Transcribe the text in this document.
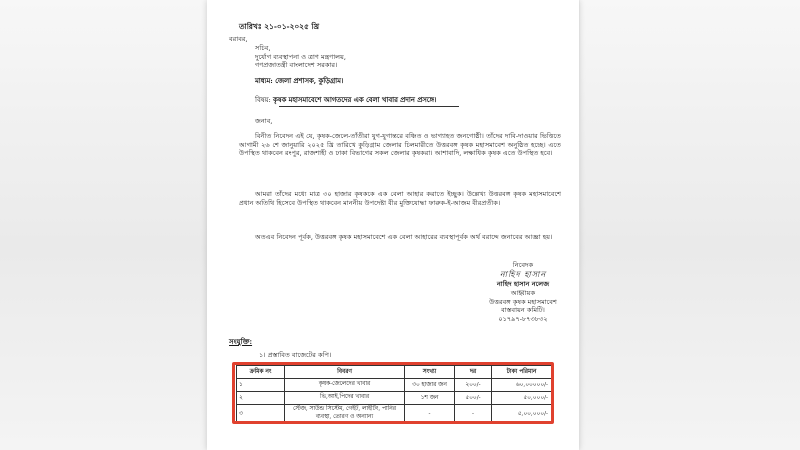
তারিখঃ ২১-০১-২০২৫ খ্রি
বরাবর,
সচিব,
দুর্যোগ ব্যবস্থাপনা ও ত্রাণ মন্ত্রণালয়,
গণপ্রজাতন্ত্রী বাংলাদেশ সরকার।
মাধ্যম: জেলা প্রশাসক, কুড়িগ্রাম।
বিষয়: কৃষক মহাসমাবেশে আগতদের এক বেলা খাবার প্রদান প্রসঙ্গে।
জনাব,
বিনীত নিবেদন এই যে, কৃষক-জেলে-তাঁতীরা যুগ-যুগান্তরে বঞ্চিত ও ভাগ্যাহত জনগোষ্ঠী। তাঁদের দাবি-দাওয়ার ভিত্তিতে আগামী ২৬ শে জানুয়ারি ২০২৫ খ্রি তারিখে কুড়িগ্রাম জেলার চিলমারীতে উত্তরবঙ্গ কৃষক মহাসমাবেশ অনুষ্ঠিত হচ্ছে। এতে উপস্থিত থাকবেন রংপুর, রাজশাহী ও ঢাকা বিভাগের সকল জেলার কৃষকরা। আশাবাদি, লক্ষাধিক কৃষক এতে উপস্থিত হবে।
আমরা তাঁদের মধ্যে মাত্র ৩০ হাজার কৃষককে এক বেলা আহার করাতে ইচ্ছুক। উল্লেখ্য উত্তরবঙ্গ কৃষক মহাসমাবেশে প্রধান অতিথি হিসেবে উপস্থিত থাকবেন মাননীয় উপদেষ্টা বীর মুক্তিযোদ্ধা ফারুক-ই-আজম বীরপ্রতীক।
অতএব নিবেদন পূর্বক, উত্তরবঙ্গ কৃষক মহাসমাবেশে এক বেলা আহারের ব্যবস্থাপূর্বক অর্থ বরাদ্দে জনাবের আজ্ঞা হয়।
নিবেদক
নাহিদ হাসান
নাহিদ হাসান নলেজ
আহ্বায়ক
উত্তরবঙ্গ কৃষক মহাসমাবেশ
বাস্তবায়ন কমিটি।
০১৭৯৭-৮৭৩৮৩২
সংযুক্তি:
১। প্রস্তাবিত বাজেটের কপি।
ক্রমিক নং	বিবরণ	সংখ্যা	দর	টাকা পরিমান
১	কৃষক-জেলেদের খাবার	৩০ হাজার জন	২০০/-	৬০,০০০০০/-
২	ভি,আই,পিদের খাবার	১শ জন	৫০০/-	৫০,০০০/-
৩	স্টেজ, সাউন্ড সিস্টেম, গেইট, লাইটিং, পানির ব্যবস্থা, তোরণ ও অন্যান্য	-	-	৫,০০,০০০/-
